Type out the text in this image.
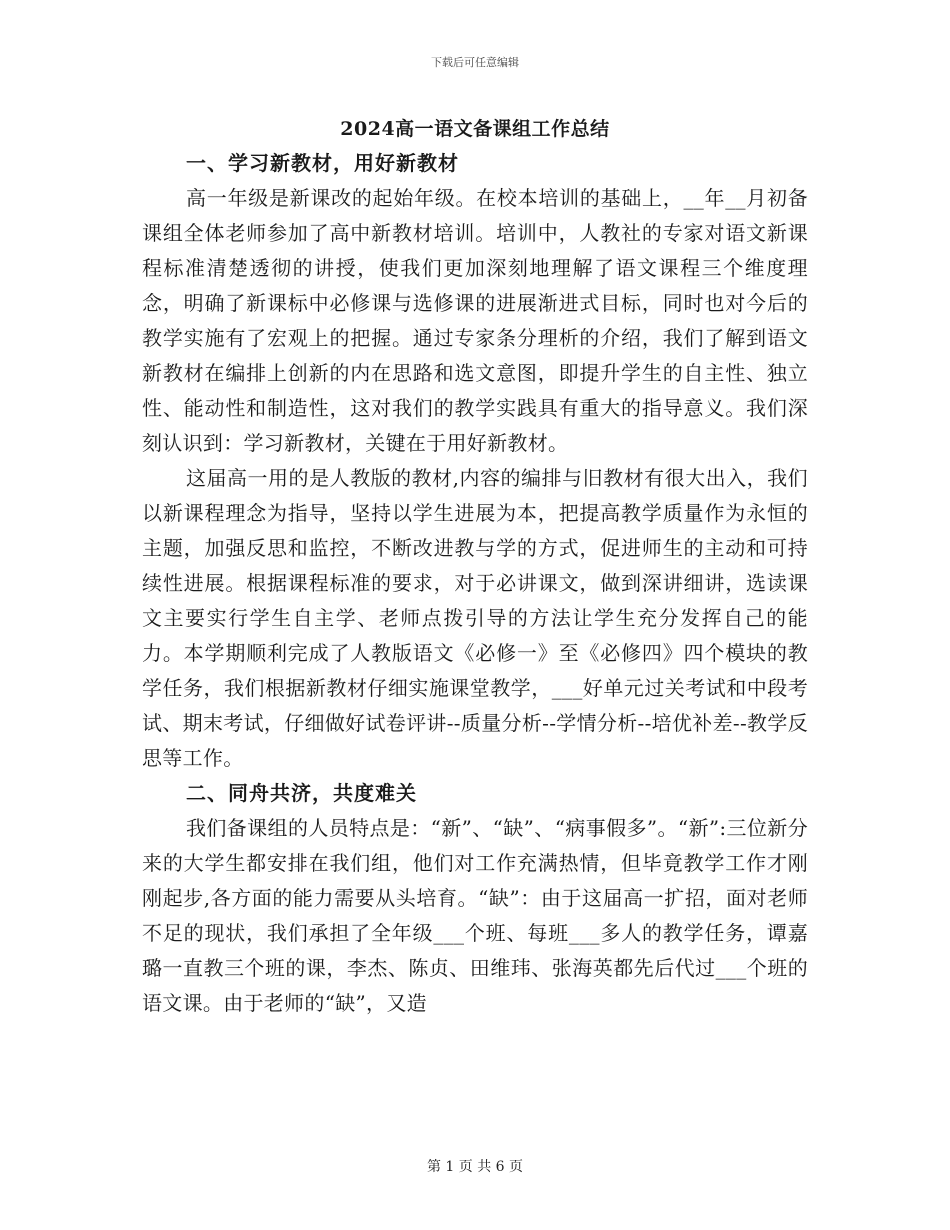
下载后可任意编辑
2024高一语文备课组工作总结
一、学习新教材，用好新教材

高一年级是新课改的起始年级。在校本培训的基础上，__年__月初备课组全体老师参加了高中新教材培训。培训中，人教社的专家对语文新课程标准清楚透彻的讲授，使我们更加深刻地理解了语文课程三个维度理念，明确了新课标中必修课与选修课的进展渐进式目标，同时也对今后的教学实施有了宏观上的把握。通过专家条分理析的介绍，我们了解到语文新教材在编排上创新的内在思路和选文意图，即提升学生的自主性、独立性、能动性和制造性，这对我们的教学实践具有重大的指导意义。我们深刻认识到：学习新教材，关键在于用好新教材。

这届高一用的是人教版的教材,内容的编排与旧教材有很大出入，我们以新课程理念为指导，坚持以学生进展为本，把提高教学质量作为永恒的主题，加强反思和监控，不断改进教与学的方式，促进师生的主动和可持续性进展。根据课程标准的要求，对于必讲课文，做到深讲细讲，选读课文主要实行学生自主学、老师点拨引导的方法让学生充分发挥自己的能力。本学期顺利完成了人教版语文《必修一》至《必修四》四个模块的教学任务，我们根据新教材仔细实施课堂教学，___好单元过关考试和中段考试、期末考试，仔细做好试卷评讲--质量分析--学情分析--培优补差--教学反思等工作。

二、同舟共济，共度难关

我们备课组的人员特点是：“新”、“缺”、“病事假多”。“新”:三位新分来的大学生都安排在我们组，他们对工作充满热情，但毕竟教学工作才刚刚起步,各方面的能力需要从头培育。“缺”：由于这届高一扩招，面对老师不足的现状，我们承担了全年级___个班、每班___多人的教学任务，谭嘉璐一直教三个班的课，李杰、陈贞、田维玮、张海英都先后代过___个班的语文课。由于老师的“缺”，又造

第 1 页 共 6 页
